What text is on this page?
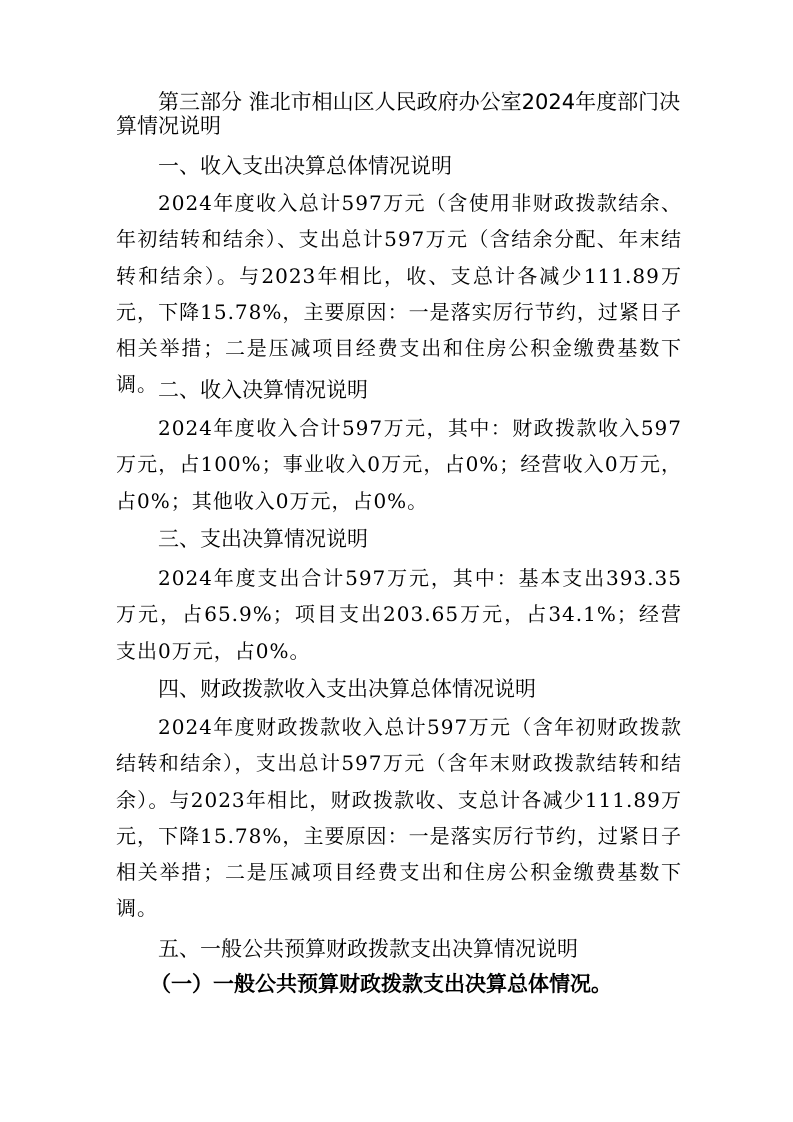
第三部分 淮北市相山区人民政府办公室2024年度部门决算情况说明
一、收入支出决算总体情况说明

2024年度收入总计597万元（含使用非财政拨款结余、年初结转和结余）、支出总计597万元（含结余分配、年末结转和结余）。与2023年相比，收、支总计各减少111.89万元，下降15.78%，主要原因：一是落实厉行节约，过紧日子相关举措；二是压减项目经费支出和住房公积金缴费基数下调。 二、收入决算情况说明

2024年度收入合计597万元，其中：财政拨款收入597万元，占100%；事业收入0万元，占0%；经营收入0万元，占0%；其他收入0万元，占0%。

三、支出决算情况说明

2024年度支出合计597万元，其中：基本支出393.35万元，占65.9%；项目支出203.65万元，占34.1%；经营支出0万元，占0%。

四、财政拨款收入支出决算总体情况说明

2024年度财政拨款收入总计597万元（含年初财政拨款结转和结余），支出总计597万元（含年末财政拨款结转和结余）。与2023年相比，财政拨款收、支总计各减少111.89万元，下降15.78%，主要原因：一是落实厉行节约，过紧日子相关举措；二是压减项目经费支出和住房公积金缴费基数下调。

五、一般公共预算财政拨款支出决算情况说明
（一）一般公共预算财政拨款支出决算总体情况。
